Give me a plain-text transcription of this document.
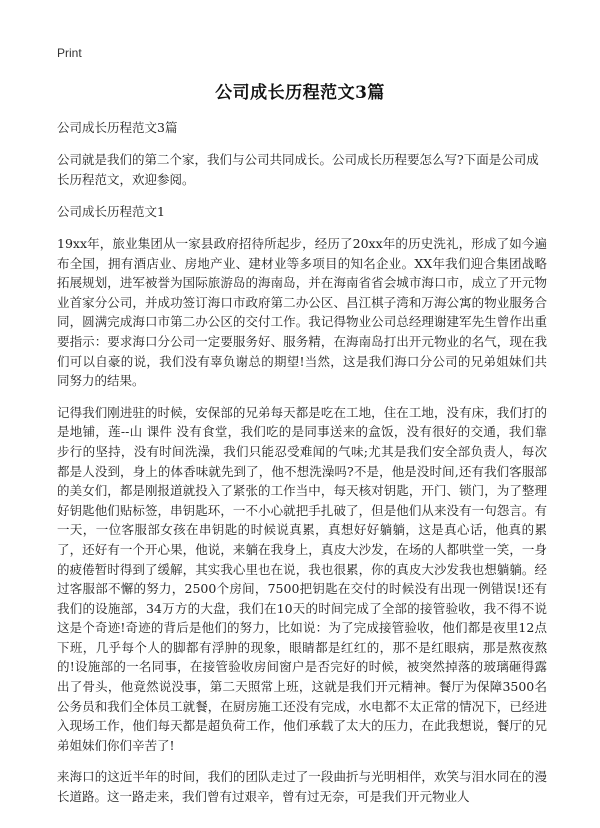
Print
公司成长历程范文3篇

公司成长历程范文3篇

公司就是我们的第二个家，我们与公司共同成长。公司成长历程要怎么写?下面是公司成长历程范文，欢迎参阅。

公司成长历程范文1

19xx年，旅业集团从一家县政府招待所起步，经历了20xx年的历史洗礼，形成了如今遍布全国，拥有酒店业、房地产业、建材业等多项目的知名企业。XX年我们迎合集团战略拓展规划，进军被誉为国际旅游岛的海南岛，并在海南省省会城市海口市，成立了开元物业首家分公司，并成功签订海口市政府第二办公区、昌江棋子湾和万海公寓的物业服务合同，圆满完成海口市第二办公区的交付工作。我记得物业公司总经理谢建军先生曾作出重要指示：要求海口分公司一定要服务好、服务精，在海南岛打出开元物业的名气，现在我们可以自豪的说，我们没有辜负谢总的期望!当然，这是我们海口分公司的兄弟姐妹们共同努力的结果。

记得我们刚进驻的时候，安保部的兄弟每天都是吃在工地，住在工地，没有床，我们打的是地铺，莲--山 课件 没有食堂，我们吃的是同事送来的盒饭，没有很好的交通，我们靠步行的坚持，没有时间洗澡，我们只能忍受难闻的气味;尤其是我们安全部负责人，每次都是人没到，身上的体香味就先到了，他不想洗澡吗?不是，他是没时间,还有我们客服部的美女们，都是刚报道就投入了紧张的工作当中，每天核对钥匙，开门、锁门，为了整理好钥匙他们贴标签，串钥匙环，一不小心就把手扎破了，但是他们从来没有一句怨言。有一天，一位客服部女孩在串钥匙的时候说真累，真想好好躺躺，这是真心话，他真的累了，还好有一个开心果，他说，来躺在我身上，真皮大沙发，在场的人都哄堂一笑，一身的疲倦暂时得到了缓解，其实我心里也在说，我也很累，你的真皮大沙发我也想躺躺。经过客服部不懈的努力，2500个房间，7500把钥匙在交付的时候没有出现一例错误!还有我们的设施部，34万方的大盘，我们在10天的时间完成了全部的接管验收，我不得不说这是个奇迹!奇迹的背后是他们的努力，比如说：为了完成接管验收，他们都是夜里12点下班，几乎每个人的脚都有浮肿的现象，眼睛都是红红的，那不是红眼病，那是熬夜熬的!设施部的一名同事，在接管验收房间窗户是否完好的时候，被突然掉落的玻璃砸得露出了骨头，他竟然说没事，第二天照常上班，这就是我们开元精神。餐厅为保障3500名公务员和我们全体员工就餐，在厨房施工还没有完成，水电都不太正常的情况下，已经进入现场工作，他们每天都是超负荷工作，他们承载了太大的压力，在此我想说，餐厅的兄弟姐妹们你们辛苦了!

来海口的这近半年的时间，我们的团队走过了一段曲折与光明相伴，欢笑与泪水同在的漫长道路。这一路走来，我们曾有过艰辛，曾有过无奈，可是我们开元物业人
